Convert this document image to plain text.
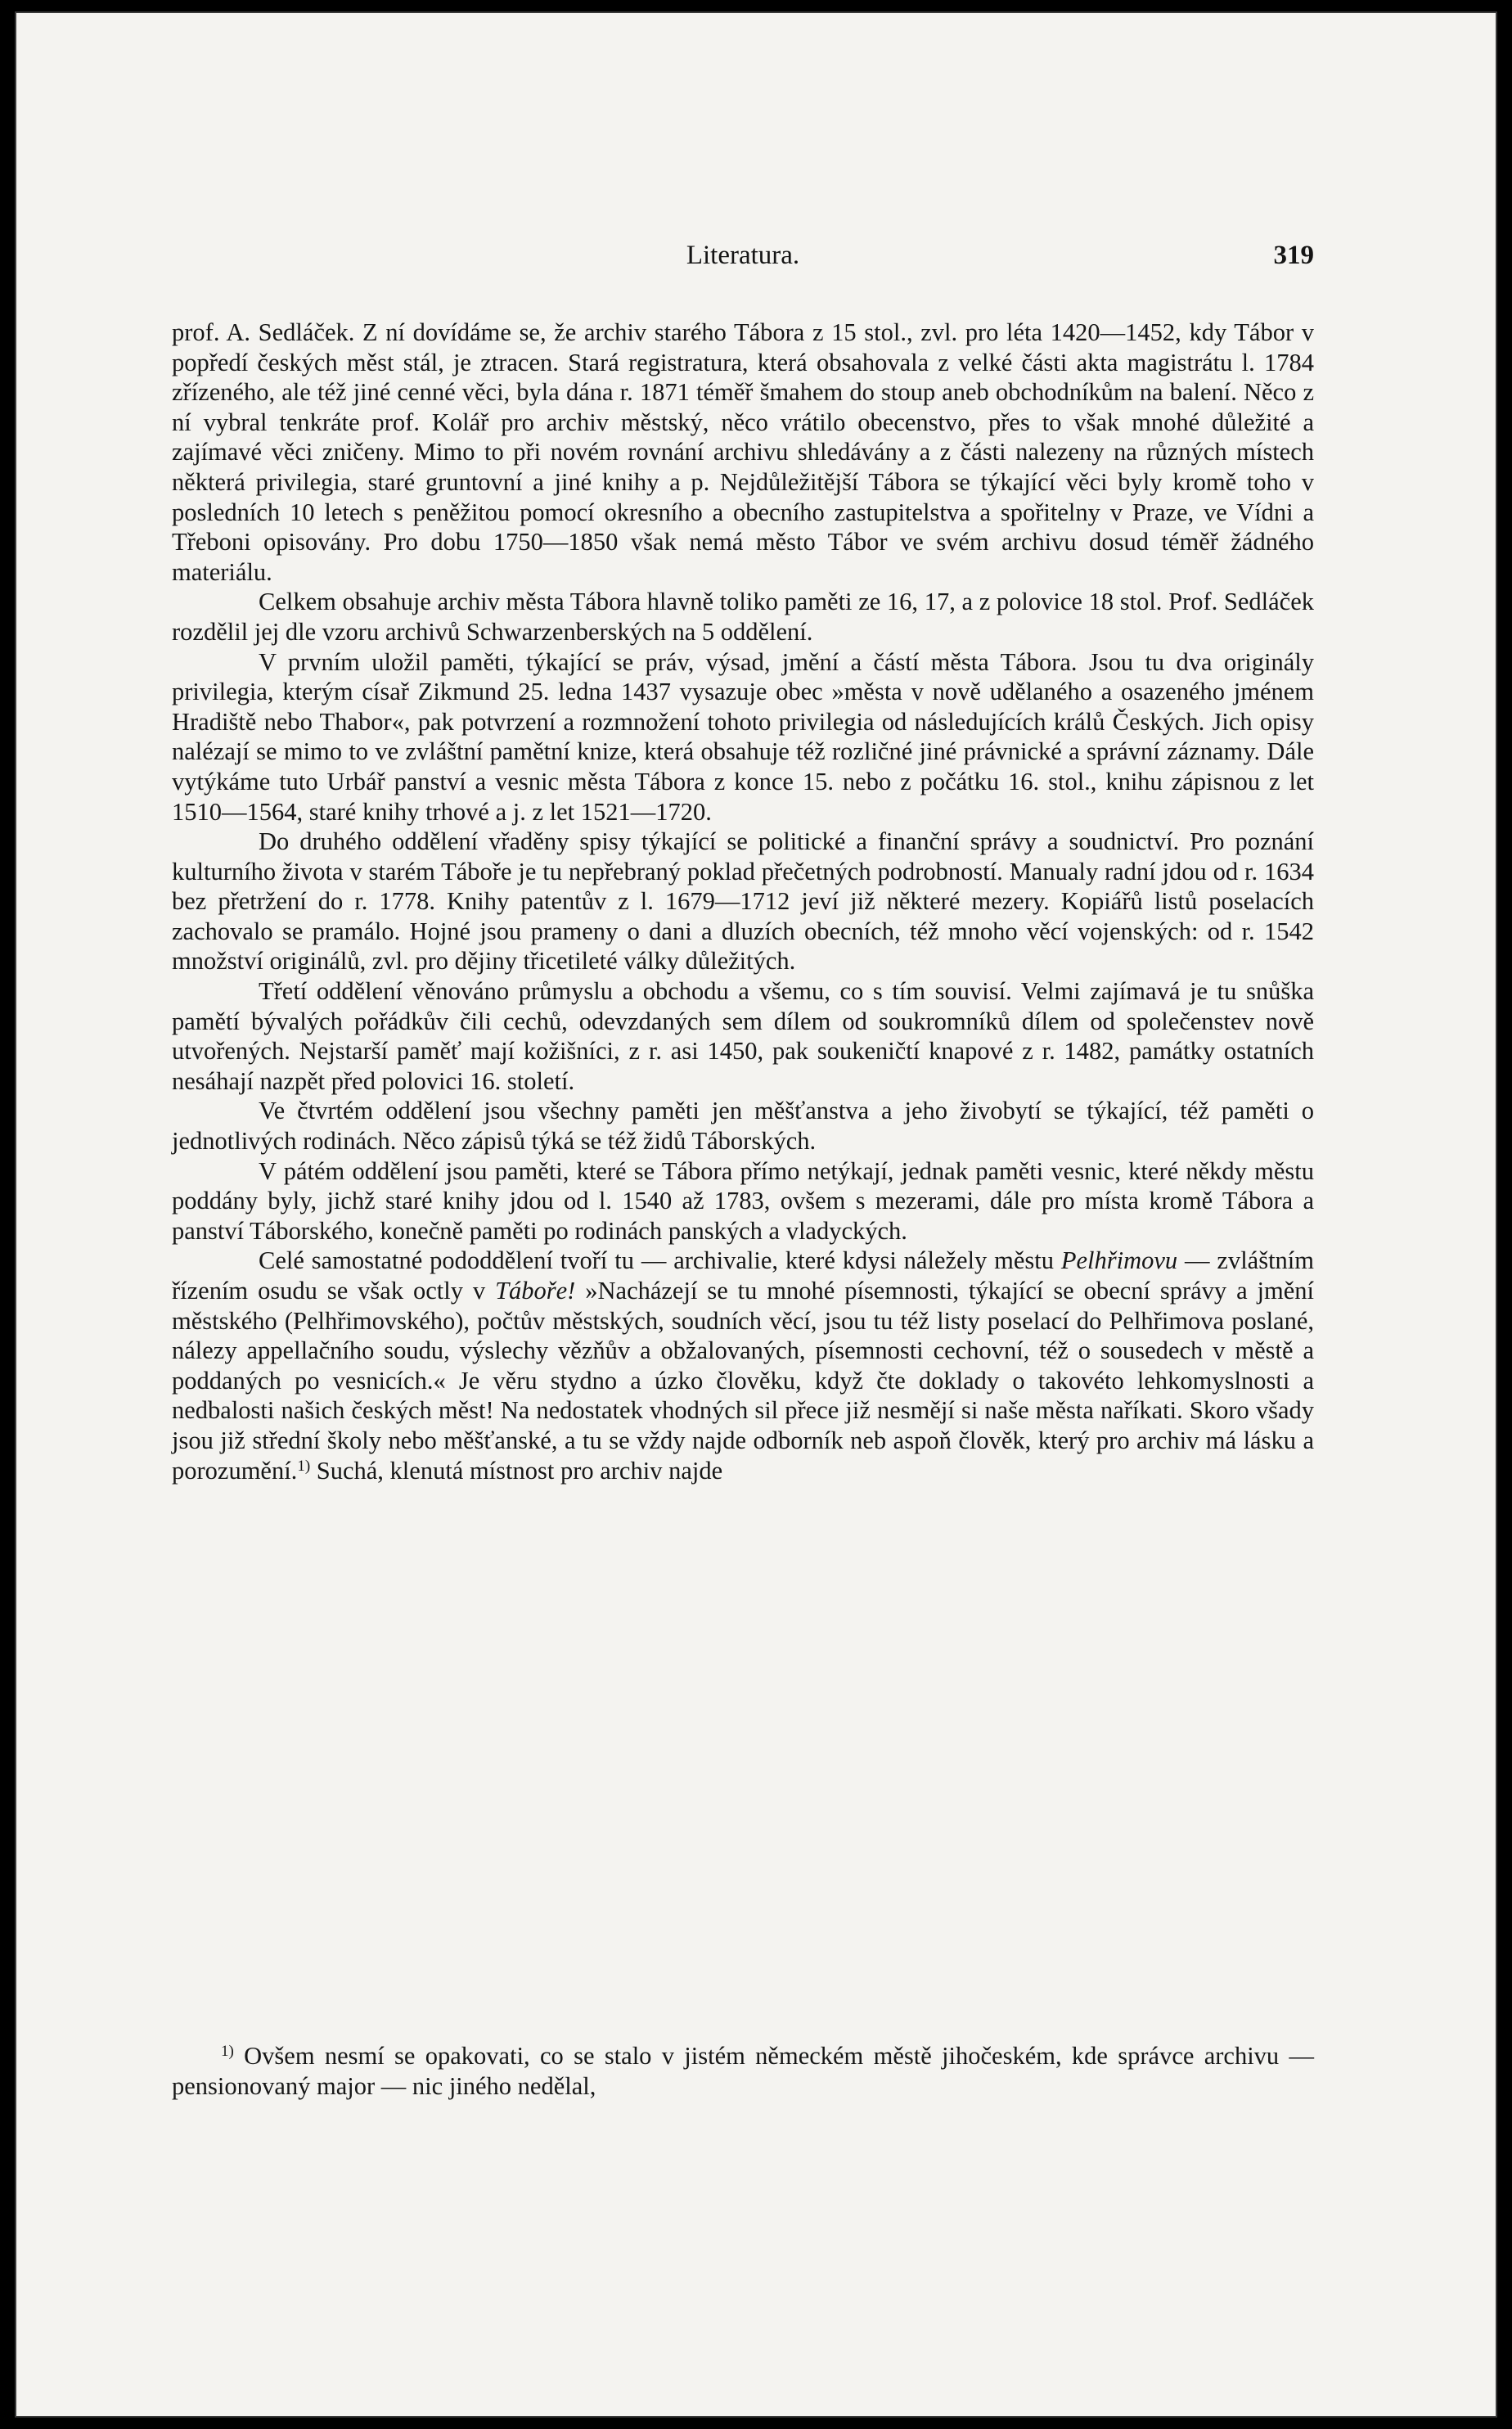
Literatura.	319

prof. A. Sedláček. Z ní dovídáme se, že archiv starého Tábora z 15 stol., zvl. pro léta 1420—1452, kdy Tábor v popředí českých měst stál, je ztracen. Stará registratura, která obsahovala z velké části akta magistrátu l. 1784 zřízeného, ale též jiné cenné věci, byla dána r. 1871 téměř šmahem do stoup aneb obchodníkům na balení. Něco z ní vybral tenkráte prof. Kolář pro archiv městský, něco vrátilo obecenstvo, přes to však mnohé důležité a zajímavé věci zničeny. Mimo to při novém rovnání archivu shledávány a z části nalezeny na různých místech některá privilegia, staré gruntovní a jiné knihy a p. Nejdůležitější Tábora se týkající věci byly kromě toho v posledních 10 letech s peněžitou pomocí okresního a obecního zastupitelstva a spořitelny v Praze, ve Vídni a Třeboni opisovány. Pro dobu 1750—1850 však nemá město Tábor ve svém archivu dosud téměř žádného materiálu.

Celkem obsahuje archiv města Tábora hlavně toliko paměti ze 16, 17, a z polovice 18 stol. Prof. Sedláček rozdělil jej dle vzoru archivů Schwarzenberských na 5 oddělení.

V prvním uložil paměti, týkající se práv, výsad, jmění a částí města Tábora. Jsou tu dva originály privilegia, kterým císař Zikmund 25. ledna 1437 vysazuje obec »města v nově udělaného a osazeného jménem Hradiště nebo Thabor«, pak potvrzení a rozmnožení tohoto privilegia od následujících králů Českých. Jich opisy nalézají se mimo to ve zvláštní pamětní knize, která obsahuje též rozličné jiné právnické a správní záznamy. Dále vytýkáme tuto Urbář panství a vesnic města Tábora z konce 15. nebo z počátku 16. stol., knihu zápisnou z let 1510—1564, staré knihy trhové a j. z let 1521—1720.

Do druhého oddělení vřaděny spisy týkající se politické a finanční správy a soudnictví. Pro poznání kulturního života v starém Táboře je tu nepřebraný poklad přečetných podrobností. Manualy radní jdou od r. 1634 bez přetržení do r. 1778. Knihy patentův z l. 1679—1712 jeví již některé mezery. Kopiářů listů poselacích zachovalo se pramálo. Hojné jsou prameny o dani a dluzích obecních, též mnoho věcí vojenských: od r. 1542 množství originálů, zvl. pro dějiny třicetileté války důležitých.

Třetí oddělení věnováno průmyslu a obchodu a všemu, co s tím souvisí. Velmi zajímavá je tu snůška pamětí bývalých pořádkův čili cechů, odevzdaných sem dílem od soukromníků dílem od společenstev nově utvořených. Nejstarší paměť mají kožišníci, z r. asi 1450, pak soukeničtí knapové z r. 1482, památky ostatních nesáhají nazpět před polovici 16. století.

Ve čtvrtém oddělení jsou všechny paměti jen měšťanstva a jeho živobytí se týkající, též paměti o jednotlivých rodinách. Něco zápisů týká se též židů Táborských.

V pátém oddělení jsou paměti, které se Tábora přímo netýkají, jednak paměti vesnic, které někdy městu poddány byly, jichž staré knihy jdou od l. 1540 až 1783, ovšem s mezerami, dále pro místa kromě Tábora a panství Táborského, konečně paměti po rodinách panských a vladyckých.

Celé samostatné pododdělení tvoří tu — archivalie, které kdysi náležely městu Pelhřimovu — zvláštním řízením osudu se však octly v Táboře! »Nacházejí se tu mnohé písemnosti, týkající se obecní správy a jmění městského (Pelhřimovského), počtův městských, soudních věcí, jsou tu též listy poselací do Pelhřimova poslané, nálezy appellačního soudu, výslechy vězňův a obžalovaných, písemnosti cechovní, též o sousedech v městě a poddaných po vesnicích.« Je věru stydno a úzko člověku, když čte doklady o takovéto lehkomyslnosti a nedbalosti našich českých měst! Na nedostatek vhodných sil přece již nesmějí si naše města naříkati. Skoro všady jsou již střední školy nebo měšťanské, a tu se vždy najde odborník neb aspoň člověk, který pro archiv má lásku a porozumění.$^{1)}$ Suchá, klenutá místnost pro archiv najde

$^{1)}$ Ovšem nesmí se opakovati, co se stalo v jistém německém městě jihočeském, kde správce archivu — pensionovaný major — nic jiného nedělal,
